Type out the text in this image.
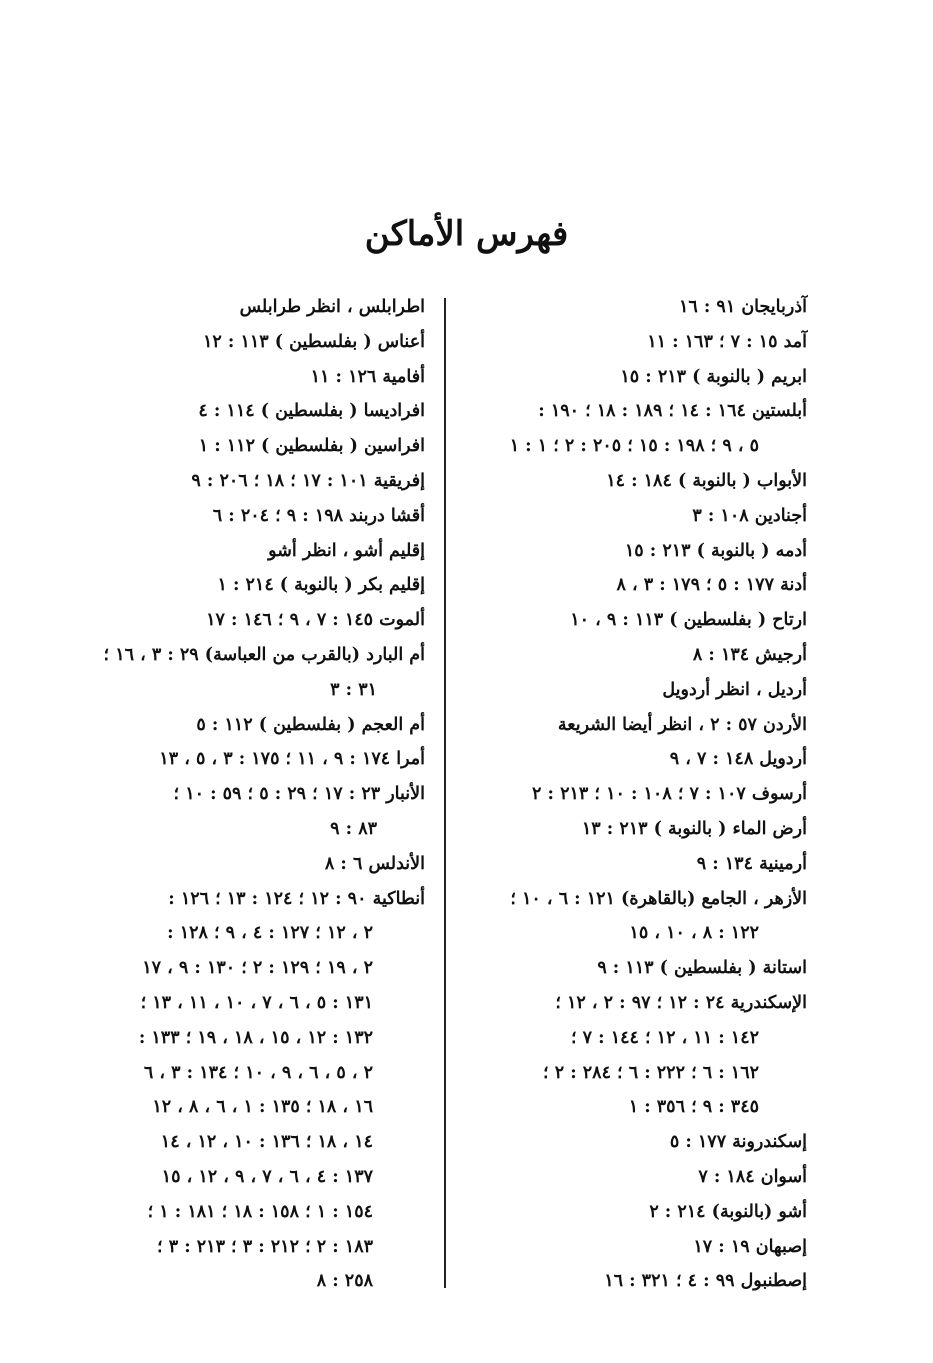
فهرس الأماكن
آذربايجان ٩١ : ١٦
آمد ١٥ : ٧ ؛ ١٦٣ : ١١
ابريم ( بالنوبة ) ٢١٣ : ١٥
أبلستين ١٦٤ : ١٤ ؛ ١٨٩ : ١٨ ؛ ١٩٠ :
٥ ، ٩ ؛ ١٩٨ : ١٥ ؛ ٢٠٥ : ٢ ؛ ١ : ١
الأبواب ( بالنوبة ) ١٨٤ : ١٤
أجنادين ١٠٨ : ٣
أدمه ( بالنوبة ) ٢١٣ : ١٥
أدنة ١٧٧ : ٥ ؛ ١٧٩ : ٣ ، ٨
ارتاح ( بفلسطين ) ١١٣ : ٩ ، ١٠
أرجيش ١٣٤ : ٨
أرديل ، انظر أردويل
الأردن ٥٧ : ٢ ، انظر أيضا الشريعة
أردويل ١٤٨ : ٧ ، ٩
أرسوف ١٠٧ : ٧ ؛ ١٠٨ : ١٠ ؛ ٢١٣ : ٢
أرض الماء ( بالنوبة ) ٢١٣ : ١٣
أرمينية ١٣٤ : ٩
الأزهر ، الجامع (بالقاهرة) ١٢١ : ٦ ، ١٠ ؛
١٢٢ : ٨ ، ١٠ ، ١٥
استانة ( بفلسطين ) ١١٣ : ٩
الإسكندرية ٢٤ : ١٢ ؛ ٩٧ : ٢ ، ١٢ ؛
١٤٢ : ١١ ، ١٢ ؛ ١٤٤ : ٧ ؛
١٦٢ : ٦ ؛ ٢٢٢ : ٦ ؛ ٢٨٤ : ٢ ؛
٣٤٥ : ٩ ؛ ٣٥٦ : ١
إسكندرونة ١٧٧ : ٥
أسوان ١٨٤ : ٧
أشو (بالنوبة) ٢١٤ : ٢
إصبهان ١٩ : ١٧
إصطنبول ٩٩ : ٤ ؛ ٣٢١ : ١٦
اطرابلس ، انظر طرابلس
أعناس ( بفلسطين ) ١١٣ : ١٢
أفامية ١٢٦ : ١١
افراديسا ( بفلسطين ) ١١٤ : ٤
افراسين ( بفلسطين ) ١١٢ : ١
إفريقية ١٠١ : ١٧ ؛ ١٨ ؛ ٢٠٦ : ٩
أقشا دربند ١٩٨ : ٩ ؛ ٢٠٤ : ٦
إقليم أشو ، انظر أشو
إقليم بكر ( بالنوبة ) ٢١٤ : ١
ألموت ١٤٥ : ٧ ، ٩ ؛ ١٤٦ : ١٧
أم البارد (بالقرب من العباسة) ٢٩ : ٣ ، ١٦ ؛
٣١ : ٣
أم العجم ( بفلسطين ) ١١٢ : ٥
أمرا ١٧٤ : ٩ ، ١١ ؛ ١٧٥ : ٣ ، ٥ ، ١٣
الأنبار ٢٣ : ١٧ ؛ ٢٩ : ٥ ؛ ٥٩ : ١٠ ؛
٨٣ : ٩
الأندلس ٦ : ٨
أنطاكية ٩٠ : ١٢ ؛ ١٢٤ : ١٣ ؛ ١٢٦ :
٢ ، ١٢ ؛ ١٢٧ : ٤ ، ٩ ؛ ١٢٨ :
٢ ، ١٩ ؛ ١٢٩ : ٢ ؛ ١٣٠ : ٩ ، ١٧
١٣١ : ٥ ، ٦ ، ٧ ، ١٠ ، ١١ ، ١٣ ؛
١٣٢ : ١٢ ، ١٥ ، ١٨ ، ١٩ ؛ ١٣٣ :
٢ ، ٥ ، ٦ ، ٩ ، ١٠ ؛ ١٣٤ : ٣ ، ٦
١٦ ، ١٨ ؛ ١٣٥ : ١ ، ٦ ، ٨ ، ١٢
١٤ ، ١٨ ؛ ١٣٦ : ١٠ ، ١٢ ، ١٤
١٣٧ : ٤ ، ٦ ، ٧ ، ٩ ، ١٢ ، ١٥
١٥٤ : ١ ؛ ١٥٨ : ١٨ ؛ ١٨١ : ١ ؛
١٨٣ : ٢ ؛ ٢١٢ : ٣ ؛ ٢١٣ : ٣ ؛
٢٥٨ : ٨
